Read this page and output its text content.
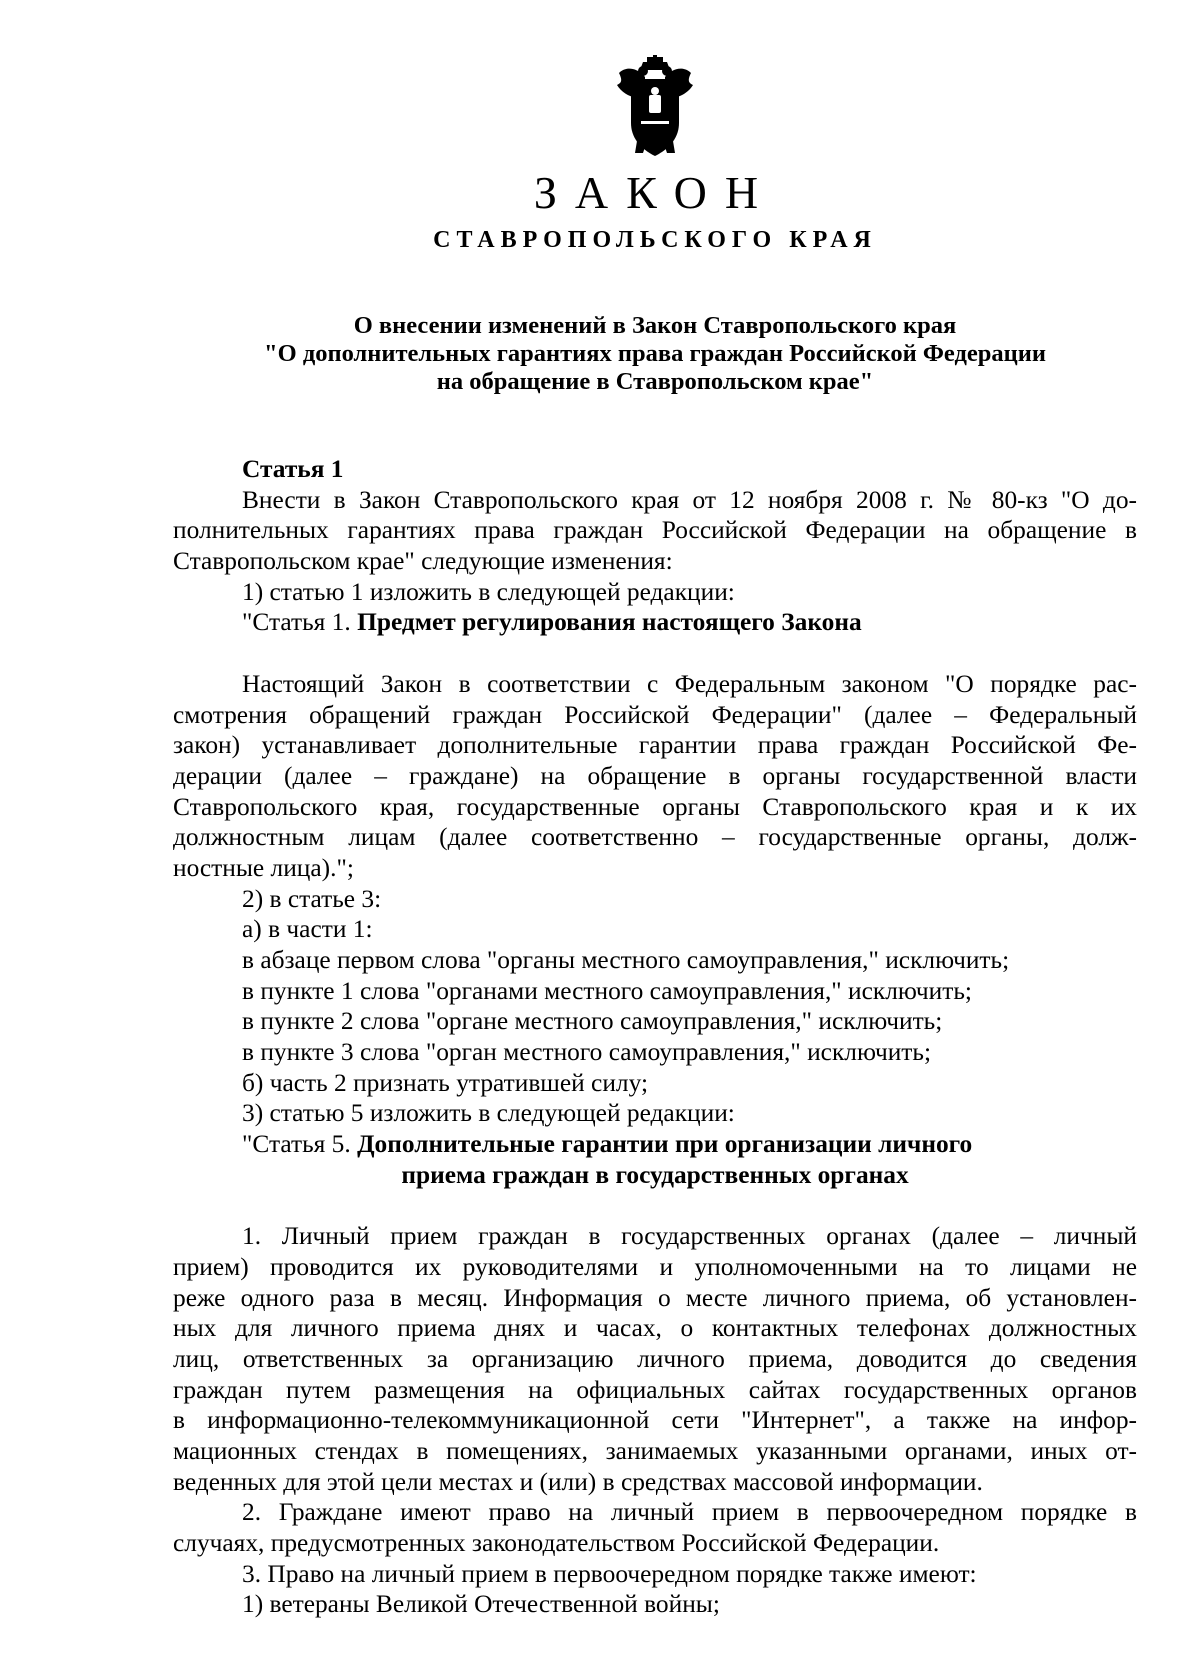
ЗАКОН
СТАВРОПОЛЬСКОГО КРАЯ
О внесении изменений в Закон Ставропольского края
"О дополнительных гарантиях права граждан Российской Федерации
на обращение в Ставропольском крае"
Статья 1
Внести в Закон Ставропольского края от 12 ноября 2008 г. № 80-кз "О до-
полнительных гарантиях права граждан Российской Федерации на обращение в
Ставропольском крае" следующие изменения:
1) статью 1 изложить в следующей редакции:
"Статья 1. Предмет регулирования настоящего Закона
Настоящий Закон в соответствии с Федеральным законом "О порядке рас-
смотрения обращений граждан Российской Федерации" (далее – Федеральный
закон) устанавливает дополнительные гарантии права граждан Российской Фе-
дерации (далее – граждане) на обращение в органы государственной власти
Ставропольского края, государственные органы Ставропольского края и к их
должностным лицам (далее соответственно – государственные органы, долж-
ностные лица).";
2) в статье 3:
а) в части 1:
в абзаце первом слова "органы местного самоуправления," исключить;
в пункте 1 слова "органами местного самоуправления," исключить;
в пункте 2 слова "органе местного самоуправления," исключить;
в пункте 3 слова "орган местного самоуправления," исключить;
б) часть 2 признать утратившей силу;
3) статью 5 изложить в следующей редакции:
"Статья 5. Дополнительные гарантии при организации личного
приема граждан в государственных органах
1. Личный прием граждан в государственных органах (далее – личный
прием) проводится их руководителями и уполномоченными на то лицами не
реже одного раза в месяц. Информация о месте личного приема, об установлен-
ных для личного приема днях и часах, о контактных телефонах должностных
лиц, ответственных за организацию личного приема, доводится до сведения
граждан путем размещения на официальных сайтах государственных органов
в информационно-телекоммуникационной сети "Интернет", а также на инфор-
мационных стендах в помещениях, занимаемых указанными органами, иных от-
веденных для этой цели местах и (или) в средствах массовой информации.
2. Граждане имеют право на личный прием в первоочередном порядке в
случаях, предусмотренных законодательством Российской Федерации.
3. Право на личный прием в первоочередном порядке также имеют:
1) ветераны Великой Отечественной войны;
